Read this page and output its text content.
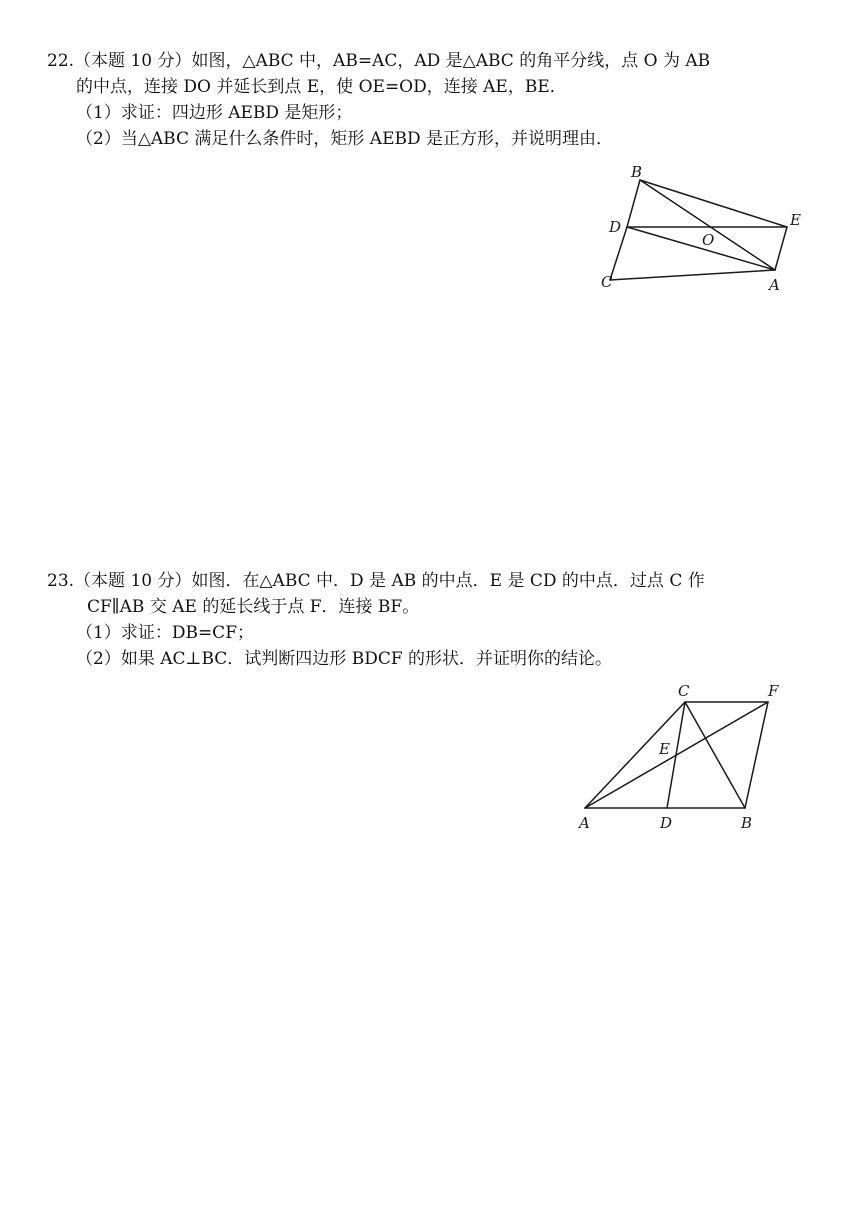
22.（本题 10 分）如图，△ABC 中，AB=AC，AD 是△ABC 的角平分线，点 O 为 AB
的中点，连接 DO 并延长到点 E，使 OE=OD，连接 AE，BE．
（1）求证：四边形 AEBD 是矩形；
（2）当△ABC 满足什么条件时，矩形 AEBD 是正方形，并说明理由．
B
D	E
O
C	A
23.（本题 10 分）如图．在△ABC 中．D 是 AB 的中点．E 是 CD 的中点．过点 C 作
CF∥AB 交 AE 的延长线于点 F．连接 BF。
（1）求证：DB=CF；
（2）如果 AC⊥BC．试判断四边形 BDCF 的形状．并证明你的结论。
C	F
E
A	D	B
